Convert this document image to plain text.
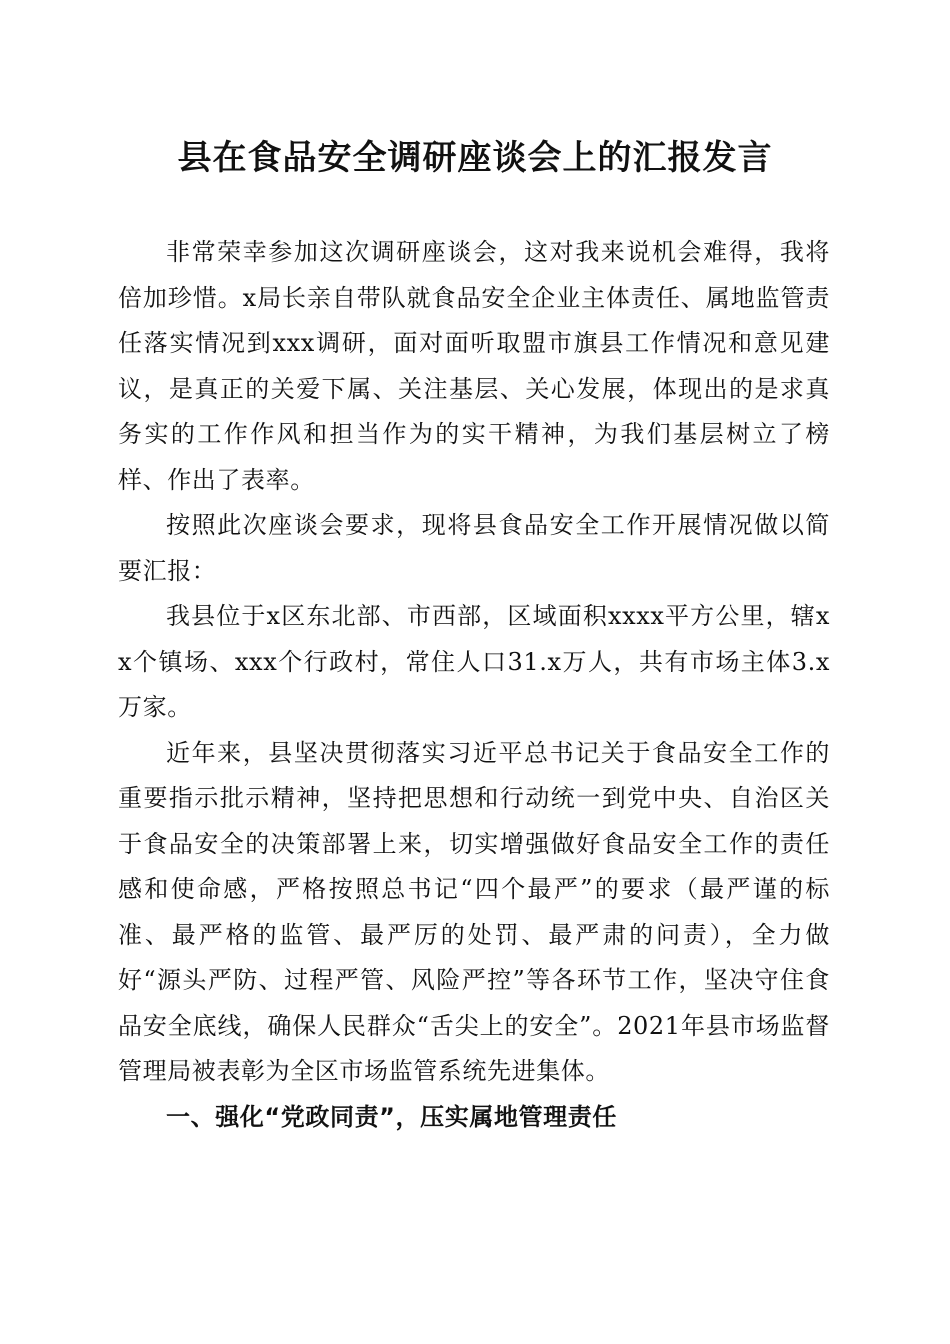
县在食品安全调研座谈会上的汇报发言

非常荣幸参加这次调研座谈会，这对我来说机会难得，我将倍加珍惜。x局长亲自带队就食品安全企业主体责任、属地监管责任落实情况到xxx调研，面对面听取盟市旗县工作情况和意见建议，是真正的关爱下属、关注基层、关心发展，体现出的是求真务实的工作作风和担当作为的实干精神，为我们基层树立了榜样、作出了表率。

按照此次座谈会要求，现将县食品安全工作开展情况做以简要汇报：

我县位于x区东北部、市西部，区域面积xxxx平方公里，辖xx个镇场、xxx个行政村，常住人口31.x万人，共有市场主体3.x万家。

近年来，县坚决贯彻落实习近平总书记关于食品安全工作的重要指示批示精神，坚持把思想和行动统一到党中央、自治区关于食品安全的决策部署上来，切实增强做好食品安全工作的责任感和使命感，严格按照总书记“四个最严”的要求（最严谨的标准、最严格的监管、最严厉的处罚、最严肃的问责），全力做好“源头严防、过程严管、风险严控”等各环节工作，坚决守住食品安全底线，确保人民群众“舌尖上的安全”。2021年县市场监督管理局被表彰为全区市场监管系统先进集体。

一、强化“党政同责”，压实属地管理责任
